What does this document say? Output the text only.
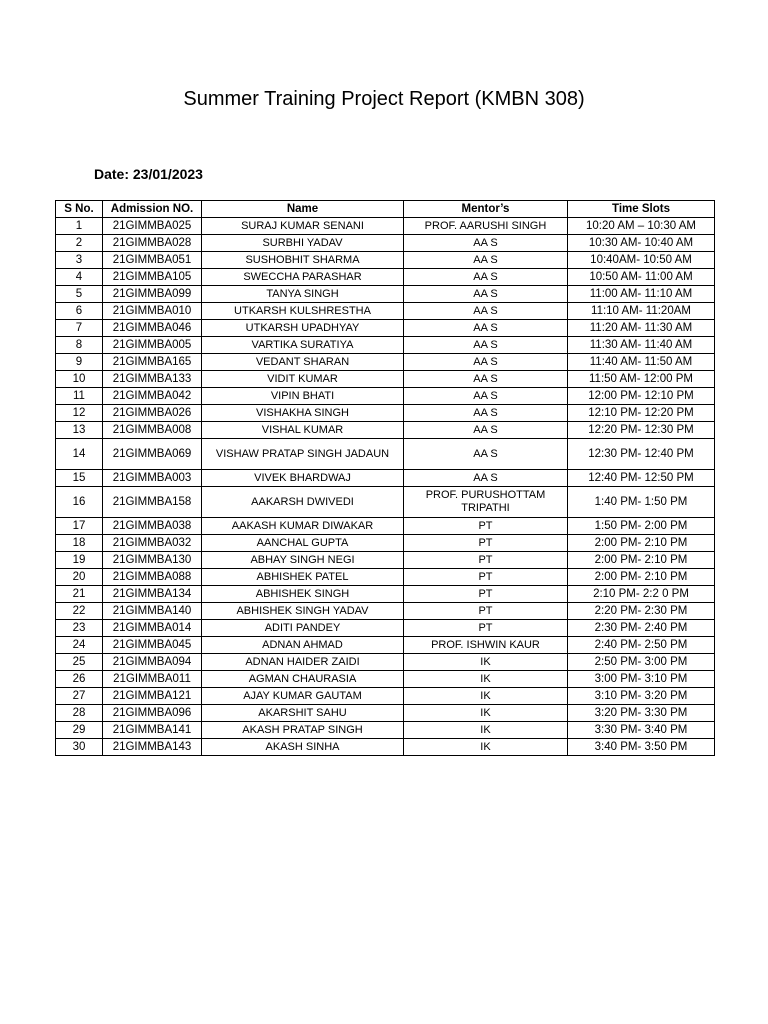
Summer Training Project Report (KMBN 308)
Date: 23/01/2023
S No.	Admission NO.	Name	Mentor’s	Time Slots
1	21GIMMBA025	SURAJ KUMAR SENANI	PROF. AARUSHI SINGH	10:20 AM – 10:30 AM
2	21GIMMBA028	SURBHI YADAV	AA S	10:30 AM- 10:40 AM
3	21GIMMBA051	SUSHOBHIT SHARMA	AA S	10:40AM- 10:50 AM
4	21GIMMBA105	SWECCHA PARASHAR	AA S	10:50 AM- 11:00 AM
5	21GIMMBA099	TANYA SINGH	AA S	11:00 AM- 11:10 AM
6	21GIMMBA010	UTKARSH KULSHRESTHA	AA S	11:10 AM- 11:20AM
7	21GIMMBA046	UTKARSH UPADHYAY	AA S	11:20 AM- 11:30 AM
8	21GIMMBA005	VARTIKA SURATIYA	AA S	11:30 AM- 11:40 AM
9	21GIMMBA165	VEDANT SHARAN	AA S	11:40 AM- 11:50 AM
10	21GIMMBA133	VIDIT KUMAR	AA S	11:50 AM- 12:00 PM
11	21GIMMBA042	VIPIN BHATI	AA S	12:00 PM- 12:10 PM
12	21GIMMBA026	VISHAKHA SINGH	AA S	12:10 PM- 12:20 PM
13	21GIMMBA008	VISHAL KUMAR	AA S	12:20 PM- 12:30 PM
14	21GIMMBA069	VISHAW PRATAP SINGH JADAUN	AA S	12:30 PM- 12:40 PM
15	21GIMMBA003	VIVEK BHARDWAJ	AA S	12:40 PM- 12:50 PM
16	21GIMMBA158	AAKARSH DWIVEDI	PROF. PURUSHOTTAM TRIPATHI	1:40 PM- 1:50 PM
17	21GIMMBA038	AAKASH KUMAR DIWAKAR	PT	1:50 PM- 2:00 PM
18	21GIMMBA032	AANCHAL GUPTA	PT	2:00 PM- 2:10 PM
19	21GIMMBA130	ABHAY SINGH NEGI	PT	2:00 PM- 2:10 PM
20	21GIMMBA088	ABHISHEK PATEL	PT	2:00 PM- 2:10 PM
21	21GIMMBA134	ABHISHEK SINGH	PT	2:10 PM- 2:2 0 PM
22	21GIMMBA140	ABHISHEK SINGH YADAV	PT	2:20 PM- 2:30 PM
23	21GIMMBA014	ADITI PANDEY	PT	2:30 PM- 2:40 PM
24	21GIMMBA045	ADNAN AHMAD	PROF. ISHWIN KAUR	2:40 PM- 2:50 PM
25	21GIMMBA094	ADNAN HAIDER ZAIDI	IK	2:50 PM- 3:00 PM
26	21GIMMBA011	AGMAN CHAURASIA	IK	3:00 PM- 3:10 PM
27	21GIMMBA121	AJAY KUMAR GAUTAM	IK	3:10 PM- 3:20 PM
28	21GIMMBA096	AKARSHIT SAHU	IK	3:20 PM- 3:30 PM
29	21GIMMBA141	AKASH PRATAP SINGH	IK	3:30 PM- 3:40 PM
30	21GIMMBA143	AKASH SINHA	IK	3:40 PM- 3:50 PM
